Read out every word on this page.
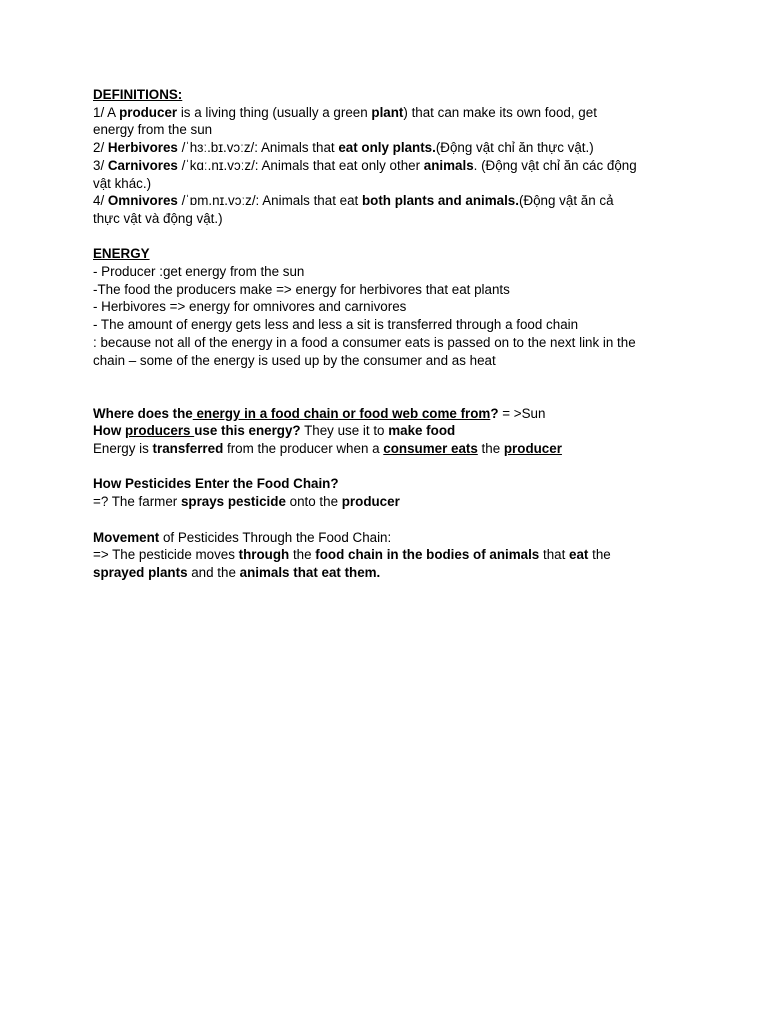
DEFINITIONS:

1/ A producer is a living thing (usually a green plant) that can make its own food, get

energy from the sun

2/ Herbivores /ˈhɜː.bɪ.vɔːz/: Animals that eat only plants.(Động vật chỉ ăn thực vật.)

3/ Carnivores /ˈkɑː.nɪ.vɔːz/: Animals that eat only other animals. (Động vật chỉ ăn các động

vật khác.)

4/ Omnivores /ˈɒm.nɪ.vɔːz/: Animals that eat both plants and animals.(Động vật ăn cả

thực vật và động vật.)

ENERGY

- Producer :get energy from the sun

-The food the producers make => energy for herbivores that eat plants

- Herbivores => energy for omnivores and carnivores

- The amount of energy gets less and less a sit is transferred through a food chain

: because not all of the energy in a food a consumer eats is passed on to the next link in the

chain – some of the energy is used up by the consumer and as heat

Where does the energy in a food chain or food web come from? = >Sun

How producers use this energy? They use it to make food

Energy is transferred from the producer when a consumer eats the producer

How Pesticides Enter the Food Chain?

=? The farmer sprays pesticide onto the producer

Movement of Pesticides Through the Food Chain:

=> The pesticide moves through the food chain in the bodies of animals that eat the

sprayed plants and the animals that eat them.
